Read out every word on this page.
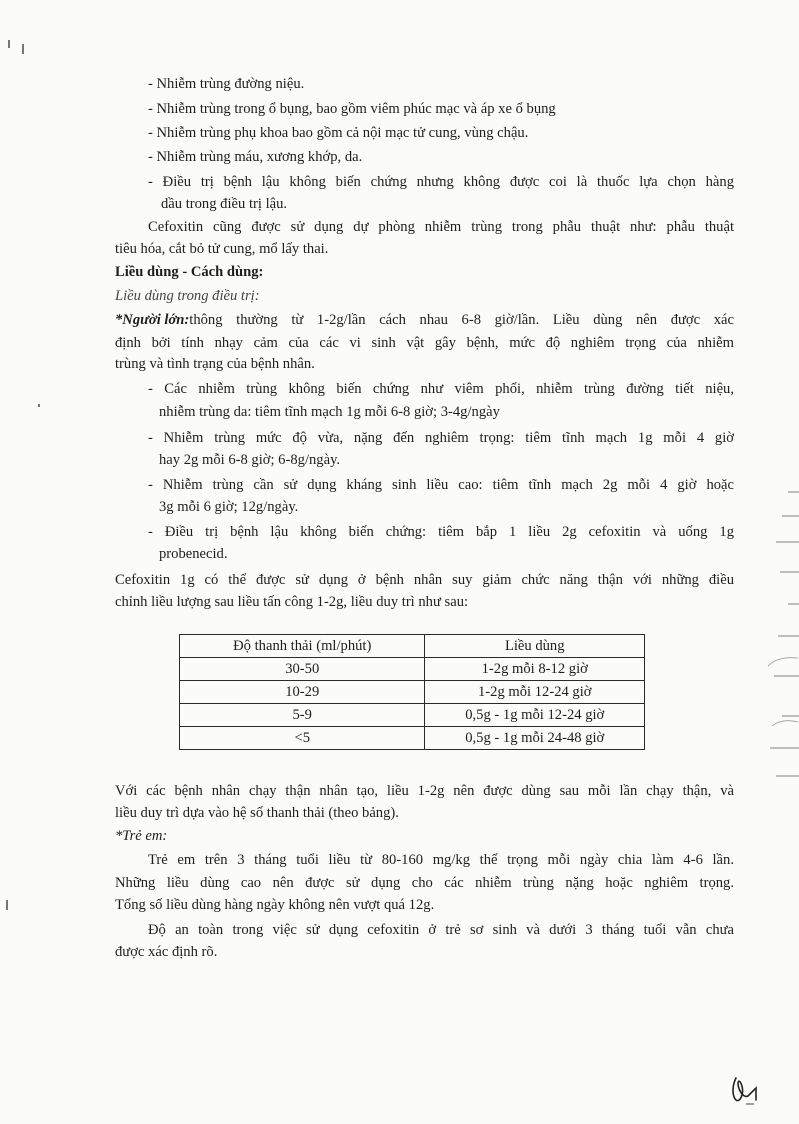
- Nhiễm trùng đường niệu.
- Nhiễm trùng trong ổ bụng, bao gồm viêm phúc mạc và áp xe ổ bụng
- Nhiễm trùng phụ khoa bao gồm cả nội mạc tử cung, vùng chậu.
- Nhiễm trùng máu, xương khớp, da.
- Điều trị bệnh lậu không biến chứng nhưng không được coi là thuốc lựa chọn hàng
dầu trong điều trị lậu.
Cefoxitin cũng được sử dụng dự phòng nhiễm trùng trong phẫu thuật như: phẫu thuật
tiêu hóa, cắt bỏ tử cung, mổ lấy thai.
Liều dùng - Cách dùng:
Liều dùng trong điều trị:
*Người lớn: thông thường từ 1-2g/lần cách nhau 6-8 giờ/lần. Liều dùng nên được xác
định bởi tính nhạy cảm của các vi sinh vật gây bệnh, mức độ nghiêm trọng của nhiễm
trùng và tình trạng của bệnh nhân.
- Các nhiễm trùng không biến chứng như viêm phổi, nhiễm trùng đường tiết niệu,
nhiễm trùng da: tiêm tĩnh mạch 1g mỗi 6-8 giờ; 3-4g/ngày
- Nhiễm trùng mức độ vừa, nặng đến nghiêm trọng: tiêm tĩnh mạch 1g mỗi 4 giờ
hay 2g mỗi 6-8 giờ; 6-8g/ngày.
- Nhiễm trùng cần sử dụng kháng sinh liều cao: tiêm tĩnh mạch 2g mỗi 4 giờ hoặc
3g mỗi 6 giờ; 12g/ngày.
- Điều trị bệnh lậu không biến chứng: tiêm bắp 1 liều 2g cefoxitin và uống 1g
probenecid.
Cefoxitin 1g có thể được sử dụng ở bệnh nhân suy giảm chức năng thận với những điều
chỉnh liều lượng sau liều tấn công 1-2g, liều duy trì như sau:
Độ thanh thải (ml/phút)	Liều dùng
30-50	1-2g mỗi 8-12 giờ
10-29	1-2g mỗi 12-24 giờ
5-9	0,5g - 1g mỗi 12-24 giờ
<5	0,5g - 1g mỗi 24-48 giờ
Với các bệnh nhân chạy thận nhân tạo, liều 1-2g nên được dùng sau mỗi lần chạy thận, và
liều duy trì dựa vào hệ số thanh thải (theo bảng).
*Trẻ em:
Trẻ em trên 3 tháng tuổi liều từ 80-160 mg/kg thể trọng mỗi ngày chia làm 4-6 lần.
Những liều dùng cao nên được sử dụng cho các nhiễm trùng nặng hoặc nghiêm trọng.
Tổng số liều dùng hàng ngày không nên vượt quá 12g.
Độ an toàn trong việc sử dụng cefoxitin ở trẻ sơ sinh và dưới 3 tháng tuổi vẫn chưa
được xác định rõ.
